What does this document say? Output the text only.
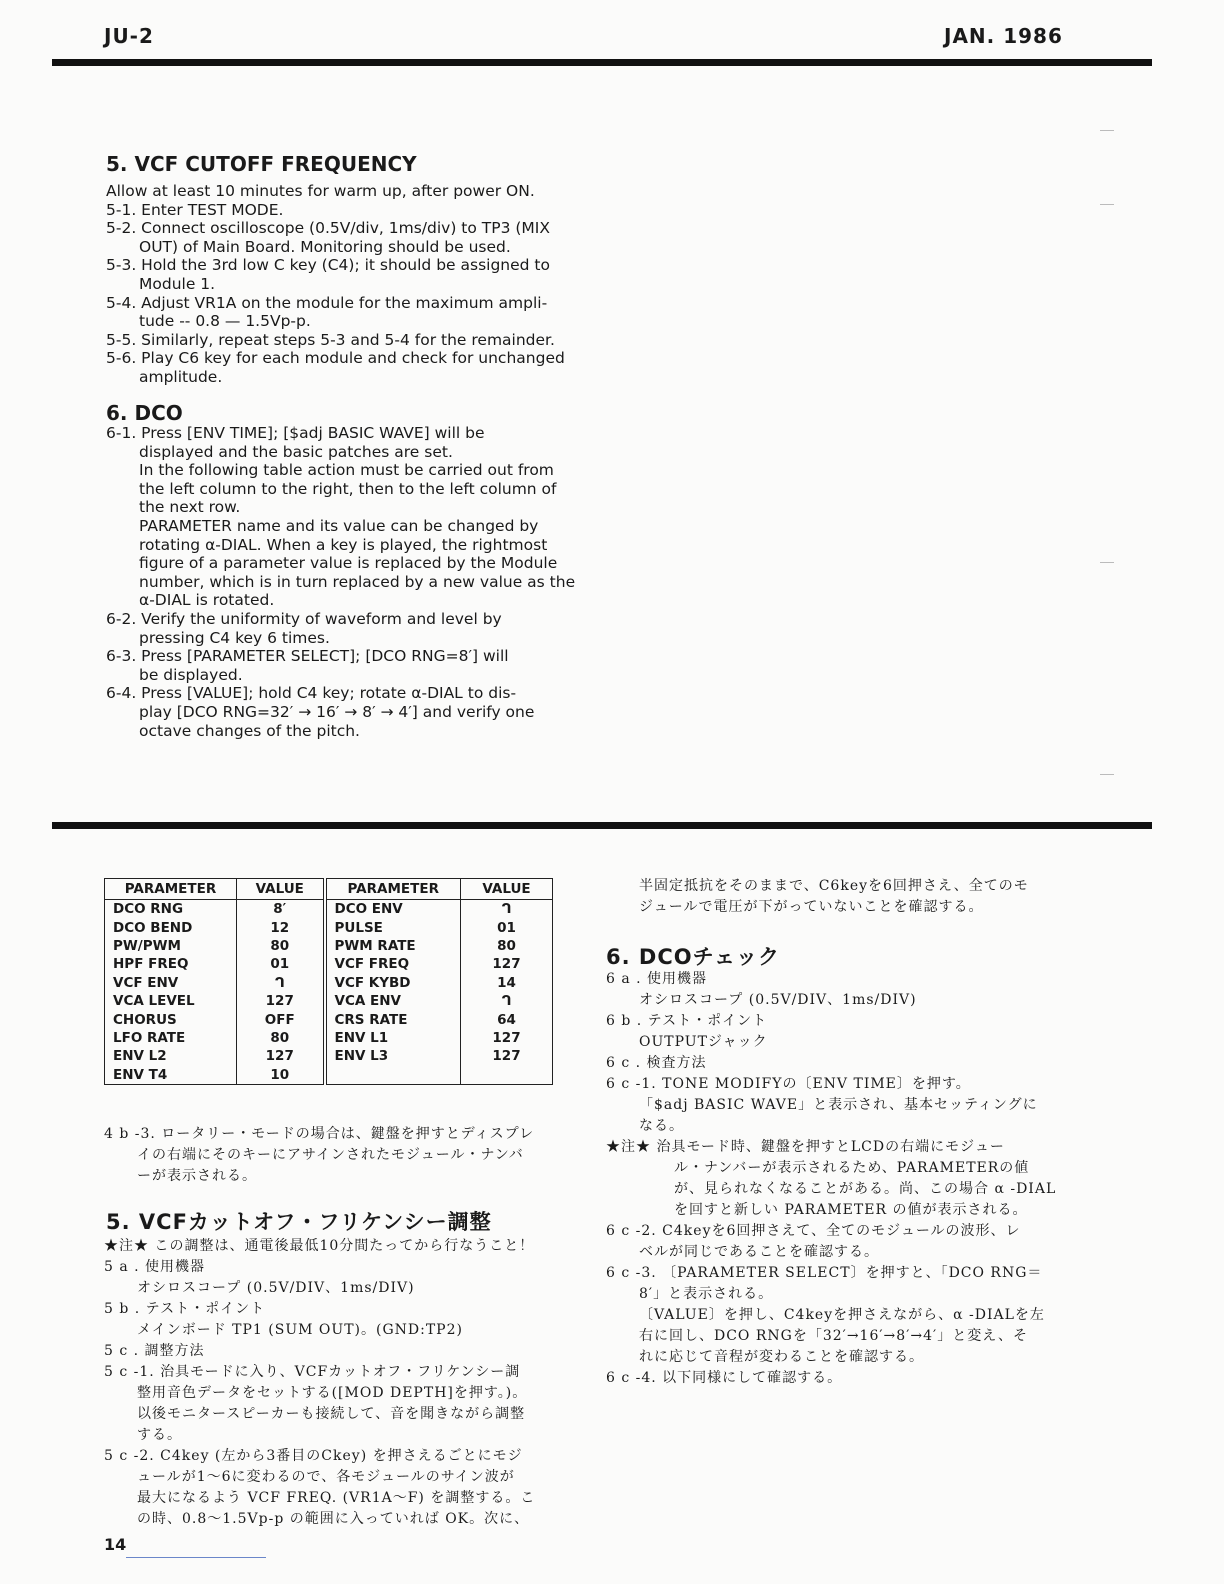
JU-2	JAN. 1986
5. VCF CUTOFF FREQUENCY
Allow at least 10 minutes for warm up, after power ON.
5-1. Enter TEST MODE.
5-2. Connect oscilloscope (0.5V/div, 1ms/div) to TP3 (MIX
OUT) of Main Board. Monitoring should be used.
5-3. Hold the 3rd low C key (C4); it should be assigned to
Module 1.
5-4. Adjust VR1A on the module for the maximum ampli-
tude -- 0.8 — 1.5Vp-p.
5-5. Similarly, repeat steps 5-3 and 5-4 for the remainder.
5-6. Play C6 key for each module and check for unchanged
amplitude.
6. DCO
6-1. Press [ENV TIME]; [$adj BASIC WAVE] will be
displayed and the basic patches are set.
In the following table action must be carried out from
the left column to the right, then to the left column of
the next row.
PARAMETER name and its value can be changed by
rotating α-DIAL. When a key is played, the rightmost
figure of a parameter value is replaced by the Module
number, which is in turn replaced by a new value as the
α-DIAL is rotated.
6-2. Verify the uniformity of waveform and level by
pressing C4 key 6 times.
6-3. Press [PARAMETER SELECT]; [DCO RNG=8′] will
be displayed.
6-4. Press [VALUE]; hold C4 key; rotate α-DIAL to dis-
play [DCO RNG=32′ → 16′ → 8′ → 4′] and verify one
octave changes of the pitch.
PARAMETER	VALUE	PARAMETER	VALUE
DCO RNG	8′	DCO ENV	ᒉ
DCO BEND	12	PULSE	01
PW/PWM	80	PWM RATE	80
HPF FREQ	01	VCF FREQ	127
VCF ENV	ᒉ	VCF KYBD	14
VCA LEVEL	127	VCA ENV	ᒉ
CHORUS	OFF	CRS RATE	64
LFO RATE	80	ENV L1	127
ENV L2	127	ENV L3	127
ENV T4	10		
4 b -3. ロータリー・モードの場合は、鍵盤を押すとディスプレ
イの右端にそのキーにアサインされたモジュール・ナンバ
ーが表示される。
5. VCFカットオフ・フリケンシー調整
★注★ この調整は、通電後最低10分間たってから行なうこと！
5 a . 使用機器
オシロスコープ (0.5V/DIV、1ms/DIV)
5 b . テスト・ポイント
メインボード TP1 (SUM OUT)。(GND:TP2)
5 c . 調整方法
5 c -1. 治具モードに入り、VCFカットオフ・フリケンシー調
整用音色データをセットする([MOD DEPTH]を押す。)。
以後モニタースピーカーも接続して、音を聞きながら調整
する。
5 c -2. C4key (左から3番目のCkey) を押さえるごとにモジ
ュールが1～6に変わるので、各モジュールのサイン波が
最大になるよう VCF FREQ. (VR1A～F) を調整する。こ
の時、0.8～1.5Vp-p の範囲に入っていれば OK。次に、
半固定抵抗をそのままで、C6keyを6回押さえ、全てのモ
ジュールで電圧が下がっていないことを確認する。
6. DCOチェック
6 a . 使用機器
オシロスコープ (0.5V/DIV、1ms/DIV)
6 b . テスト・ポイント
OUTPUTジャック
6 c . 検査方法
6 c -1. TONE MODIFYの〔ENV TIME〕を押す。
「$adj BASIC WAVE」と表示され、基本セッティングに
なる。
★注★ 治具モード時、鍵盤を押すとLCDの右端にモジュー
ル・ナンバーが表示されるため、PARAMETERの値
が、見られなくなることがある。尚、この場合 α -DIAL
を回すと新しい PARAMETER の値が表示される。
6 c -2. C4keyを6回押さえて、全てのモジュールの波形、レ
ベルが同じであることを確認する。
6 c -3. 〔PARAMETER SELECT〕を押すと、「DCO RNG＝
8′」と表示される。
〔VALUE〕を押し、C4keyを押さえながら、α -DIALを左
右に回し、DCO RNGを「32′→16′→8′→4′」と変え、そ
れに応じて音程が変わることを確認する。
6 c -4. 以下同様にして確認する。
14
